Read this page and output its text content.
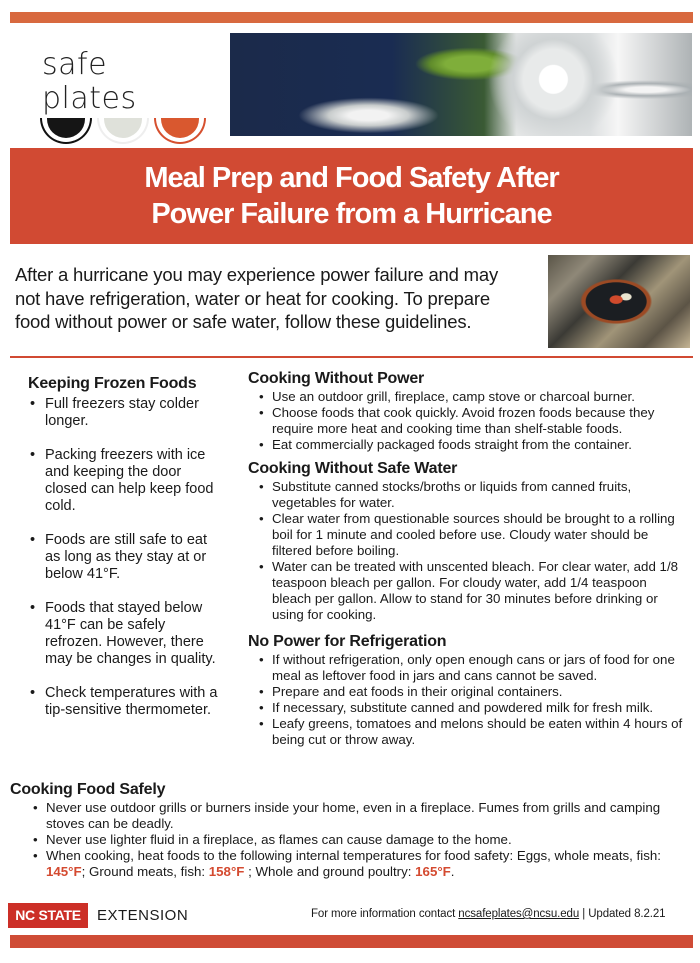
safe plates
Meal Prep and Food Safety After
Power Failure from a Hurricane

After a hurricane you may experience power failure and may not have refrigeration, water or heat for cooking. To prepare food without power or safe water, follow these guidelines.

Keeping Frozen Foods
• Full freezers stay colder longer.
• Packing freezers with ice and keeping the door closed can help keep food cold.
• Foods are still safe to eat as long as they stay at or below 41°F.
• Foods that stayed below 41°F can be safely refrozen. However, there may be changes in quality.
• Check temperatures with a tip-sensitive thermometer.
Cooking Without Power
• Use an outdoor grill, fireplace, camp stove or charcoal burner.
• Choose foods that cook quickly. Avoid frozen foods because they require more heat and cooking time than shelf-stable foods.
• Eat commercially packaged foods straight from the container.
Cooking Without Safe Water
• Substitute canned stocks/broths or liquids from canned fruits, vegetables for water.
• Clear water from questionable sources should be brought to a rolling boil for 1 minute and cooled before use. Cloudy water should be filtered before boiling.
• Water can be treated with unscented bleach. For clear water, add 1/8 teaspoon bleach per gallon. For cloudy water, add 1/4 teaspoon bleach per gallon. Allow to stand for 30 minutes before drinking or using for cooking.
No Power for Refrigeration
• If without refrigeration, only open enough cans or jars of food for one meal as leftover food in jars and cans cannot be saved.
• Prepare and eat foods in their original containers.
• If necessary, substitute canned and powdered milk for fresh milk.
• Leafy greens, tomatoes and melons should be eaten within 4 hours of being cut or throw away.
Cooking Food Safely
• Never use outdoor grills or burners inside your home, even in a fireplace. Fumes from grills and camping stoves can be deadly.
• Never use lighter fluid in a fireplace, as flames can cause damage to the home.
• When cooking, heat foods to the following internal temperatures for food safety: Eggs, whole meats, fish: 145°F; Ground meats, fish: 158°F ; Whole and ground poultry: 165°F.
NC STATE	EXTENSION	For more information contact ncsafeplates@ncsu.edu | Updated 8.2.21
